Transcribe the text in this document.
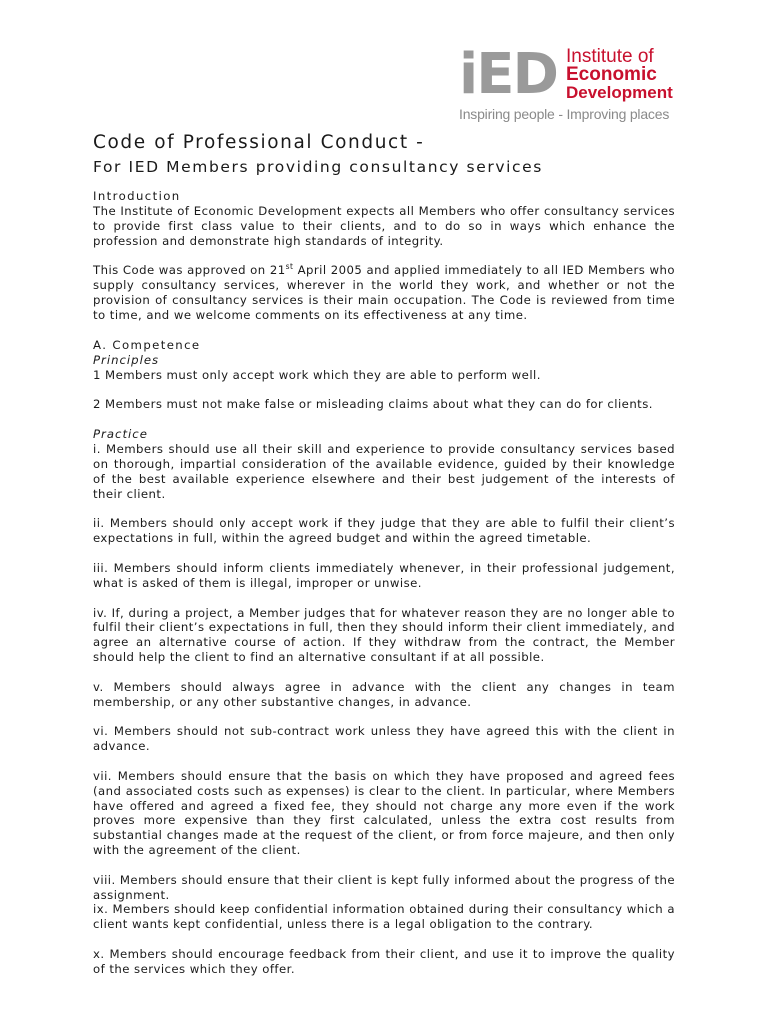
iED Institute of
Economic
Development
Inspiring people - Improving places
Code of Professional Conduct -
For IED Members providing consultancy services
Introduction

The Institute of Economic Development expects all Members who offer consultancy services to provide first class value to their clients, and to do so in ways which enhance the profession and demonstrate high standards of integrity.

This Code was approved on 21st April 2005 and applied immediately to all IED Members who supply consultancy services, wherever in the world they work, and whether or not the provision of consultancy services is their main occupation. The Code is reviewed from time to time, and we welcome comments on its effectiveness at any time.

A. Competence
Principles

1 Members must only accept work which they are able to perform well.

2 Members must not make false or misleading claims about what they can do for clients.

Practice

i. Members should use all their skill and experience to provide consultancy services based on thorough, impartial consideration of the available evidence, guided by their knowledge of the best available experience elsewhere and their best judgement of the interests of their client.

ii. Members should only accept work if they judge that they are able to fulfil their client’s expectations in full, within the agreed budget and within the agreed timetable.

iii. Members should inform clients immediately whenever, in their professional judgement, what is asked of them is illegal, improper or unwise.

iv. If, during a project, a Member judges that for whatever reason they are no longer able to fulfil their client’s expectations in full, then they should inform their client immediately, and agree an alternative course of action. If they withdraw from the contract, the Member should help the client to find an alternative consultant if at all possible.

v. Members should always agree in advance with the client any changes in team membership, or any other substantive changes, in advance.

vi. Members should not sub-contract work unless they have agreed this with the client in advance.

vii. Members should ensure that the basis on which they have proposed and agreed fees (and associated costs such as expenses) is clear to the client. In particular, where Members have offered and agreed a fixed fee, they should not charge any more even if the work proves more expensive than they first calculated, unless the extra cost results from substantial changes made at the request of the client, or from force majeure, and then only with the agreement of the client.

viii. Members should ensure that their client is kept fully informed about the progress of the assignment.

ix. Members should keep confidential information obtained during their consultancy which a client wants kept confidential, unless there is a legal obligation to the contrary.

x. Members should encourage feedback from their client, and use it to improve the quality of the services which they offer.
